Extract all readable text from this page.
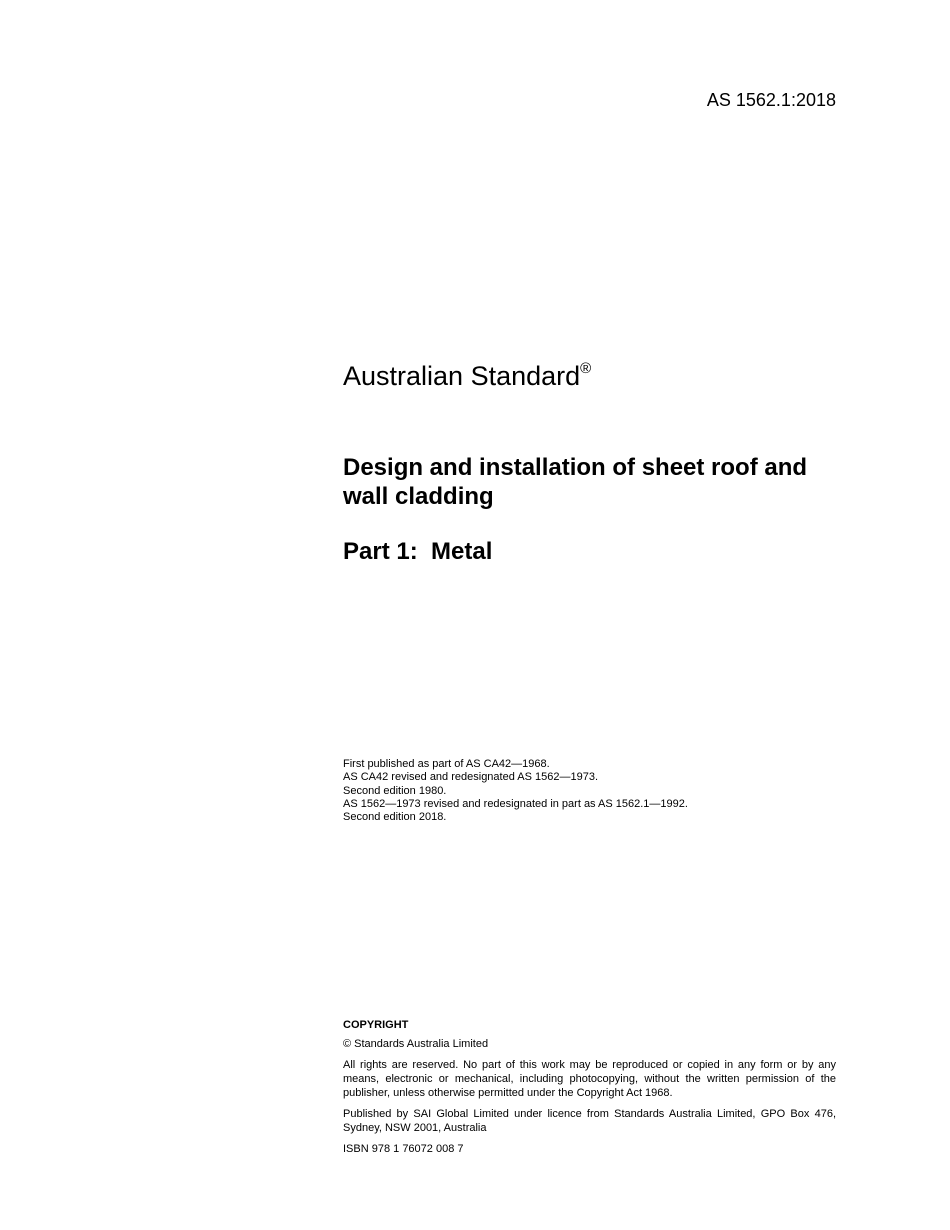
AS 1562.1:2018
Australian Standard®
Design and installation of sheet roof and wall cladding
Part 1:  Metal
First published as part of AS CA42—1968.
AS CA42 revised and redesignated AS 1562—1973.
Second edition 1980.
AS 1562—1973 revised and redesignated in part as AS 1562.1—1992.
Second edition 2018.

COPYRIGHT

© Standards Australia Limited

All rights are reserved. No part of this work may be reproduced or copied in any form or by any means, electronic or mechanical, including photocopying, without the written permission of the publisher, unless otherwise permitted under the Copyright Act 1968.

Published by SAI Global Limited under licence from Standards Australia Limited, GPO Box 476, Sydney, NSW 2001, Australia

ISBN 978 1 76072 008 7
